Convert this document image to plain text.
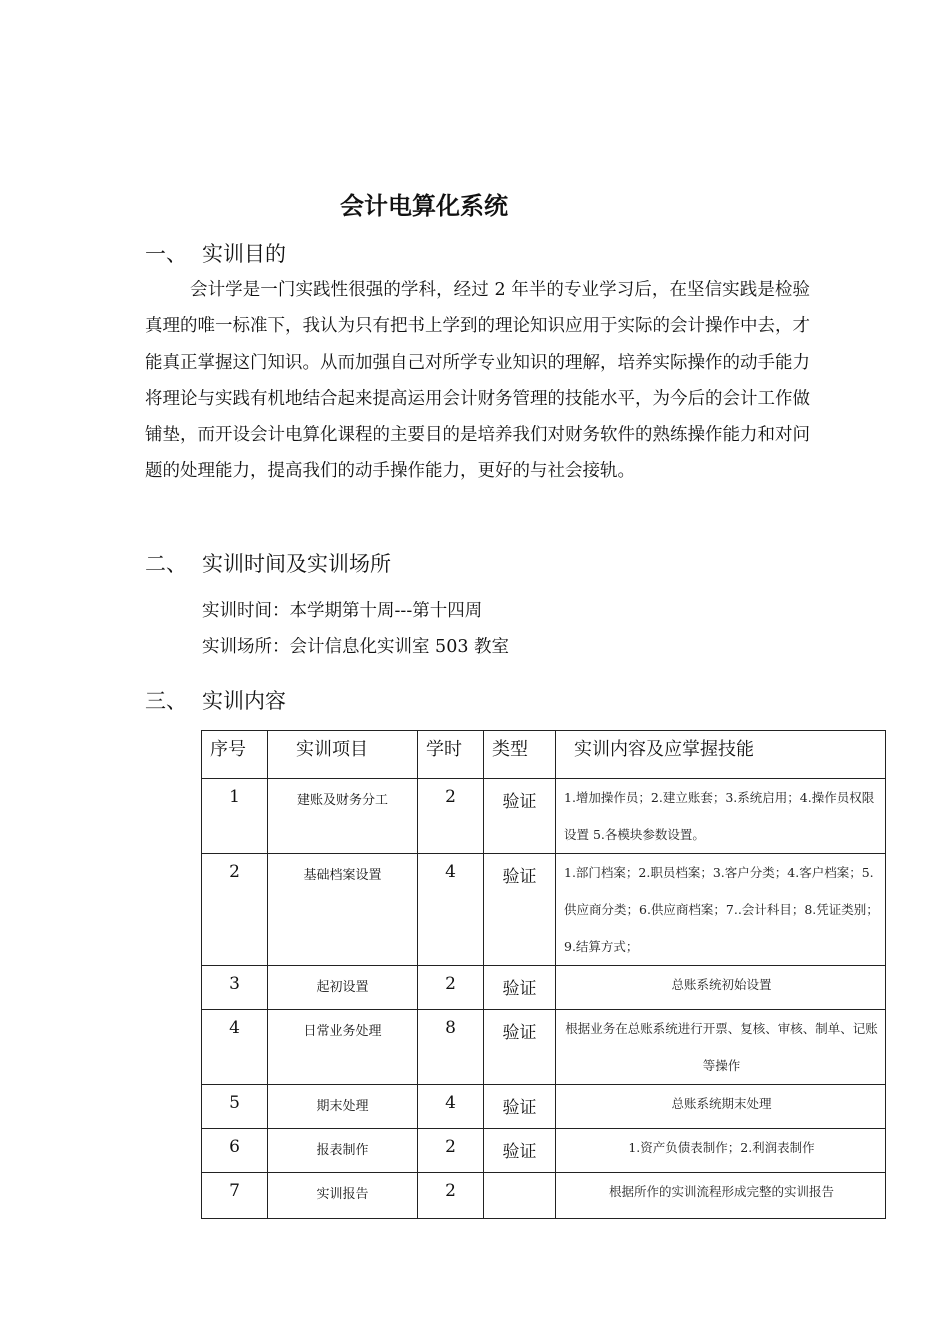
会计电算化系统
一、 实训目的

会计学是一门实践性很强的学科，经过 2 年半的专业学习后，在坚信实践是检验真理的唯一标准下，我认为只有把书上学到的理论知识应用于实际的会计操作中去，才能真正掌握这门知识。从而加强自己对所学专业知识的理解，培养实际操作的动手能力将理论与实践有机地结合起来提高运用会计财务管理的技能水平，为今后的会计工作做铺垫，而开设会计电算化课程的主要目的是培养我们对财务软件的熟练操作能力和对问题的处理能力，提高我们的动手操作能力，更好的与社会接轨。

二、 实训时间及实训场所
实训时间：本学期第十周---第十四周
实训场所：会计信息化实训室 503 教室
三、 实训内容
序号	实训项目	学时	类型	实训内容及应掌握技能
1	建账及财务分工	2	验证	1.增加操作员；2.建立账套；3.系统启用；4.操作员权限设置 5.各模块参数设置。
2	基础档案设置	4	验证	1.部门档案；2.职员档案；3.客户分类；4.客户档案；5.供应商分类；6.供应商档案；7..会计科目；8.凭证类别；9.结算方式；
3	起初设置	2	验证	总账系统初始设置
4	日常业务处理	8	验证	根据业务在总账系统进行开票、复核、审核、制单、记账等操作
5	期末处理	4	验证	总账系统期末处理
6	报表制作	2	验证	1.资产负债表制作；2.利润表制作
7	实训报告	2		根据所作的实训流程形成完整的实训报告
